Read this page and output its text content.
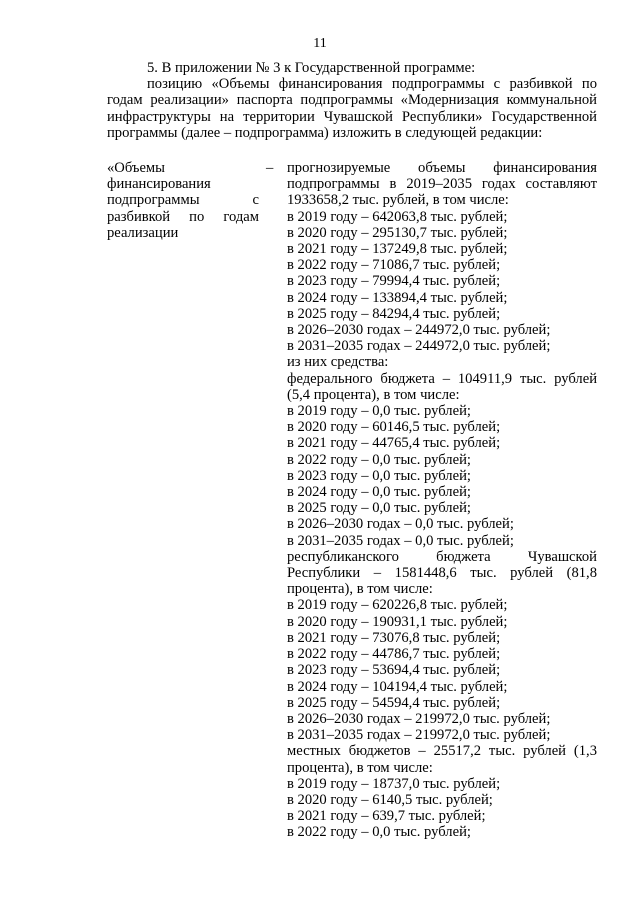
11

5. В приложении № 3 к Государственной программе:

позицию «Объемы финансирования подпрограммы с разбивкой по годам реализации» паспорта подпрограммы «Модернизация коммунальной инфраструктуры на территории Чувашской Республики» Государственной программы (далее – подпрограмма) изложить в следующей редакции:

«Объемы финансирования подпрограммы с разбивкой по годам реализации

– прогнозируемые объемы финансирования подпрограммы в 2019–2035 годах составляют 1933658,2 тыс. рублей, в том числе:

в 2019 году – 642063,8 тыс. рублей;

в 2020 году – 295130,7 тыс. рублей;

в 2021 году – 137249,8 тыс. рублей;

в 2022 году – 71086,7 тыс. рублей;

в 2023 году – 79994,4 тыс. рублей;

в 2024 году – 133894,4 тыс. рублей;

в 2025 году – 84294,4 тыс. рублей;

в 2026–2030 годах – 244972,0 тыс. рублей;

в 2031–2035 годах – 244972,0 тыс. рублей;

из них средства:

федерального бюджета – 104911,9 тыс. рублей (5,4 процента), в том числе:

в 2019 году – 0,0 тыс. рублей;

в 2020 году – 60146,5 тыс. рублей;

в 2021 году – 44765,4 тыс. рублей;

в 2022 году – 0,0 тыс. рублей;

в 2023 году – 0,0 тыс. рублей;

в 2024 году – 0,0 тыс. рублей;

в 2025 году – 0,0 тыс. рублей;

в 2026–2030 годах – 0,0 тыс. рублей;

в 2031–2035 годах – 0,0 тыс. рублей;

республиканского бюджета Чувашской Республики – 1581448,6 тыс. рублей (81,8 процента), в том числе:

в 2019 году – 620226,8 тыс. рублей;

в 2020 году – 190931,1 тыс. рублей;

в 2021 году – 73076,8 тыс. рублей;

в 2022 году – 44786,7 тыс. рублей;

в 2023 году – 53694,4 тыс. рублей;

в 2024 году – 104194,4 тыс. рублей;

в 2025 году – 54594,4 тыс. рублей;

в 2026–2030 годах – 219972,0 тыс. рублей;

в 2031–2035 годах – 219972,0 тыс. рублей;

местных бюджетов – 25517,2 тыс. рублей (1,3 процента), в том числе:

в 2019 году – 18737,0 тыс. рублей;

в 2020 году – 6140,5 тыс. рублей;

в 2021 году – 639,7 тыс. рублей;

в 2022 году – 0,0 тыс. рублей;
